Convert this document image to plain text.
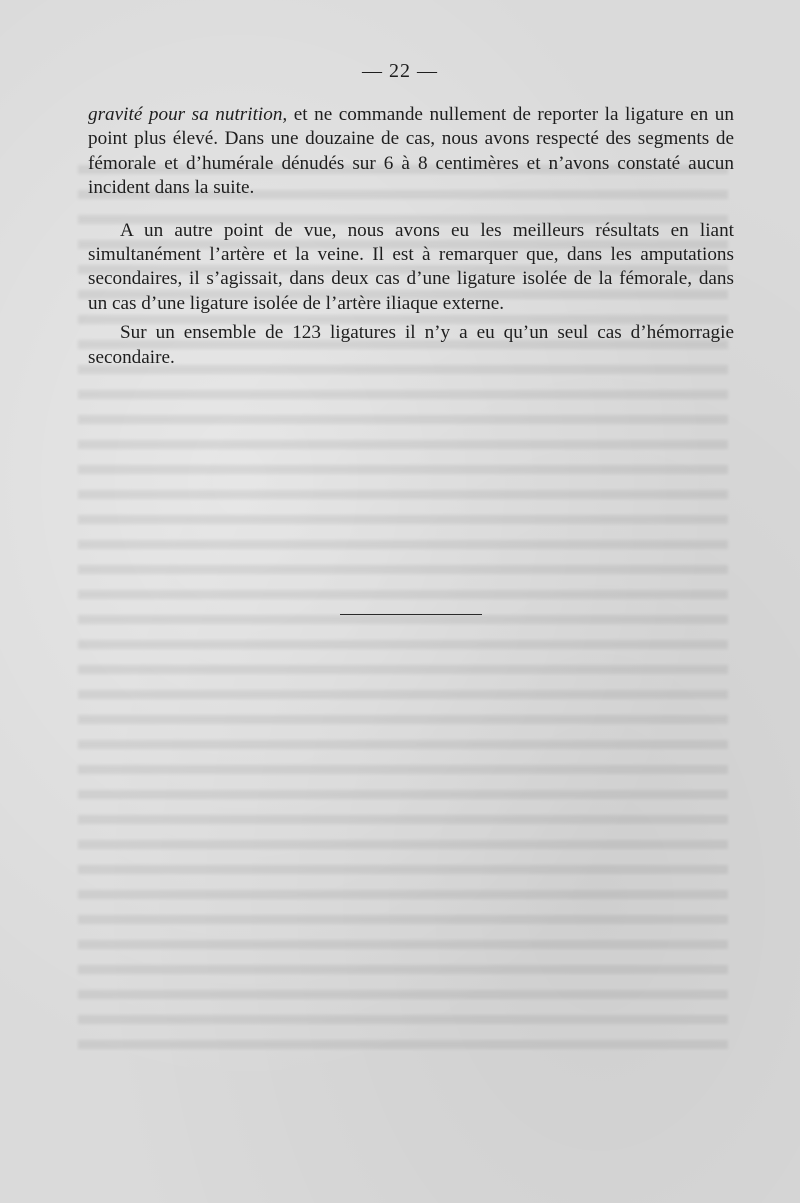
— 22 —

gravité pour sa nutrition, et ne commande nullement de reporter la ligature en un point plus élevé. Dans une douzaine de cas, nous avons respecté des segments de fémorale et d’humérale dénudés sur 6 à 8 centimères et n’avons constaté aucun incident dans la suite.

A un autre point de vue, nous avons eu les meilleurs résultats en liant simultanément l’artère et la veine. Il est à remarquer que, dans les amputations secondaires, il s’agissait, dans deux cas d’une ligature isolée de la fémorale, dans un cas d’une ligature isolée de l’artère iliaque externe.

Sur un ensemble de 123 ligatures il n’y a eu qu’un seul cas d’hémorragie secondaire.
